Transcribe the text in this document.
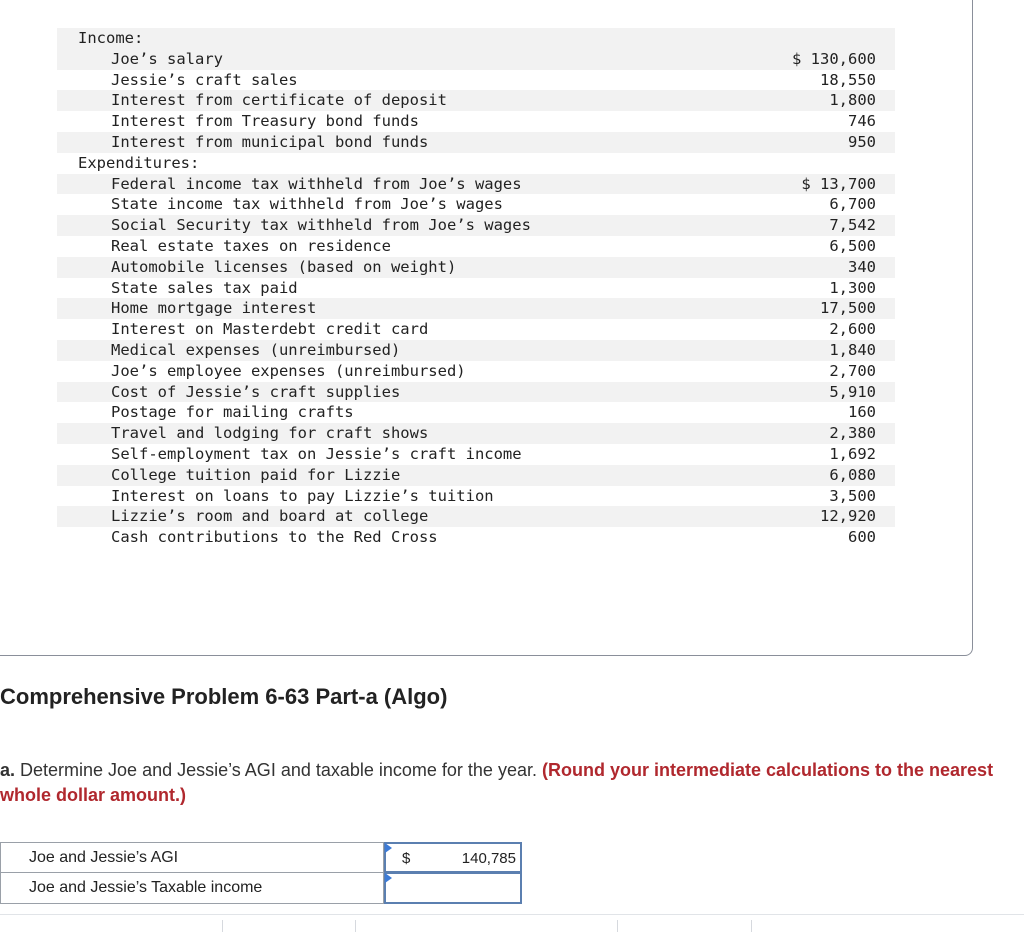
Income:
Joe’s salary	$ 130,600
Jessie’s craft sales	18,550
Interest from certificate of deposit	1,800
Interest from Treasury bond funds	746
Interest from municipal bond funds	950
Expenditures:
Federal income tax withheld from Joe’s wages	$ 13,700
State income tax withheld from Joe’s wages	6,700
Social Security tax withheld from Joe’s wages	7,542
Real estate taxes on residence	6,500
Automobile licenses (based on weight)	340
State sales tax paid	1,300
Home mortgage interest	17,500
Interest on Masterdebt credit card	2,600
Medical expenses (unreimbursed)	1,840
Joe’s employee expenses (unreimbursed)	2,700
Cost of Jessie’s craft supplies	5,910
Postage for mailing crafts	160
Travel and lodging for craft shows	2,380
Self-employment tax on Jessie’s craft income	1,692
College tuition paid for Lizzie	6,080
Interest on loans to pay Lizzie’s tuition	3,500
Lizzie’s room and board at college	12,920
Cash contributions to the Red Cross	600
Comprehensive Problem 6-63 Part-a (Algo)
a. Determine Joe and Jessie’s AGI and taxable income for the year. (Round your intermediate calculations to the nearest whole dollar amount.)
Joe and Jessie’s AGI	$	140,785
Joe and Jessie’s Taxable income
